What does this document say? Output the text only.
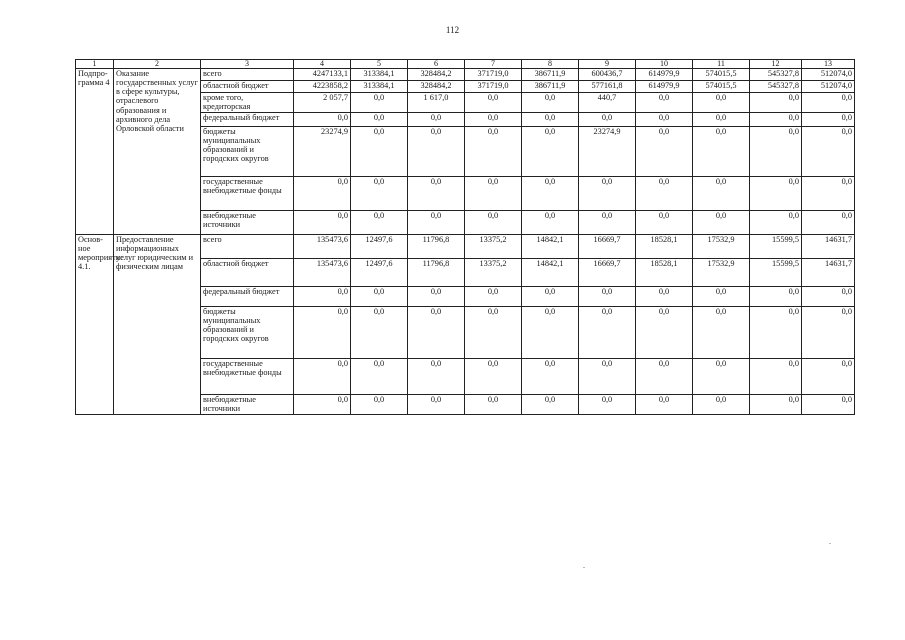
112
1	2	3	4	5	6	7	8	9	10	11	12	13
Подпро-грамма 4	Оказание государственных услуг в сфере культуры, отраслевого образования и архивного дела Орловской области	всего	4247133,1	313384,1	328484,2	371719,0	386711,9	600436,7	614979,9	574015,5	545327,8	512074,0
		областной бюджет	4223858,2	313384,1	328484,2	371719,0	386711,9	577161,8	614979,9	574015,5	545327,8	512074,0
		кроме того, кредиторская	2 057,7	0,0	1 617,0	0,0	0,0	440,7	0,0	0,0	0,0	0,0
		федеральный бюджет	0,0	0,0	0,0	0,0	0,0	0,0	0,0	0,0	0,0	0,0
		бюджеты муниципальных образований и городских округов	23274,9	0,0	0,0	0,0	0,0	23274,9	0,0	0,0	0,0	0,0
		государственные внебюджетные фонды	0,0	0,0	0,0	0,0	0,0	0,0	0,0	0,0	0,0	0,0
		внебюджетные источники	0,0	0,0	0,0	0,0	0,0	0,0	0,0	0,0	0,0	0,0
Основ-ное мероприятие 4.1.	Предоставление информационных услуг юридическим и физическим лицам	всего	135473,6	12497,6	11796,8	13375,2	14842,1	16669,7	18528,1	17532,9	15599,5	14631,7
		областной бюджет	135473,6	12497,6	11796,8	13375,2	14842,1	16669,7	18528,1	17532,9	15599,5	14631,7
		федеральный бюджет	0,0	0,0	0,0	0,0	0,0	0,0	0,0	0,0	0,0	0,0
		бюджеты муниципальных образований и городских округов	0,0	0,0	0,0	0,0	0,0	0,0	0,0	0,0	0,0	0,0
		государственные внебюджетные фонды	0,0	0,0	0,0	0,0	0,0	0,0	0,0	0,0	0,0	0,0
		внебюджетные источники	0,0	0,0	0,0	0,0	0,0	0,0	0,0	0,0	0,0	0,0
